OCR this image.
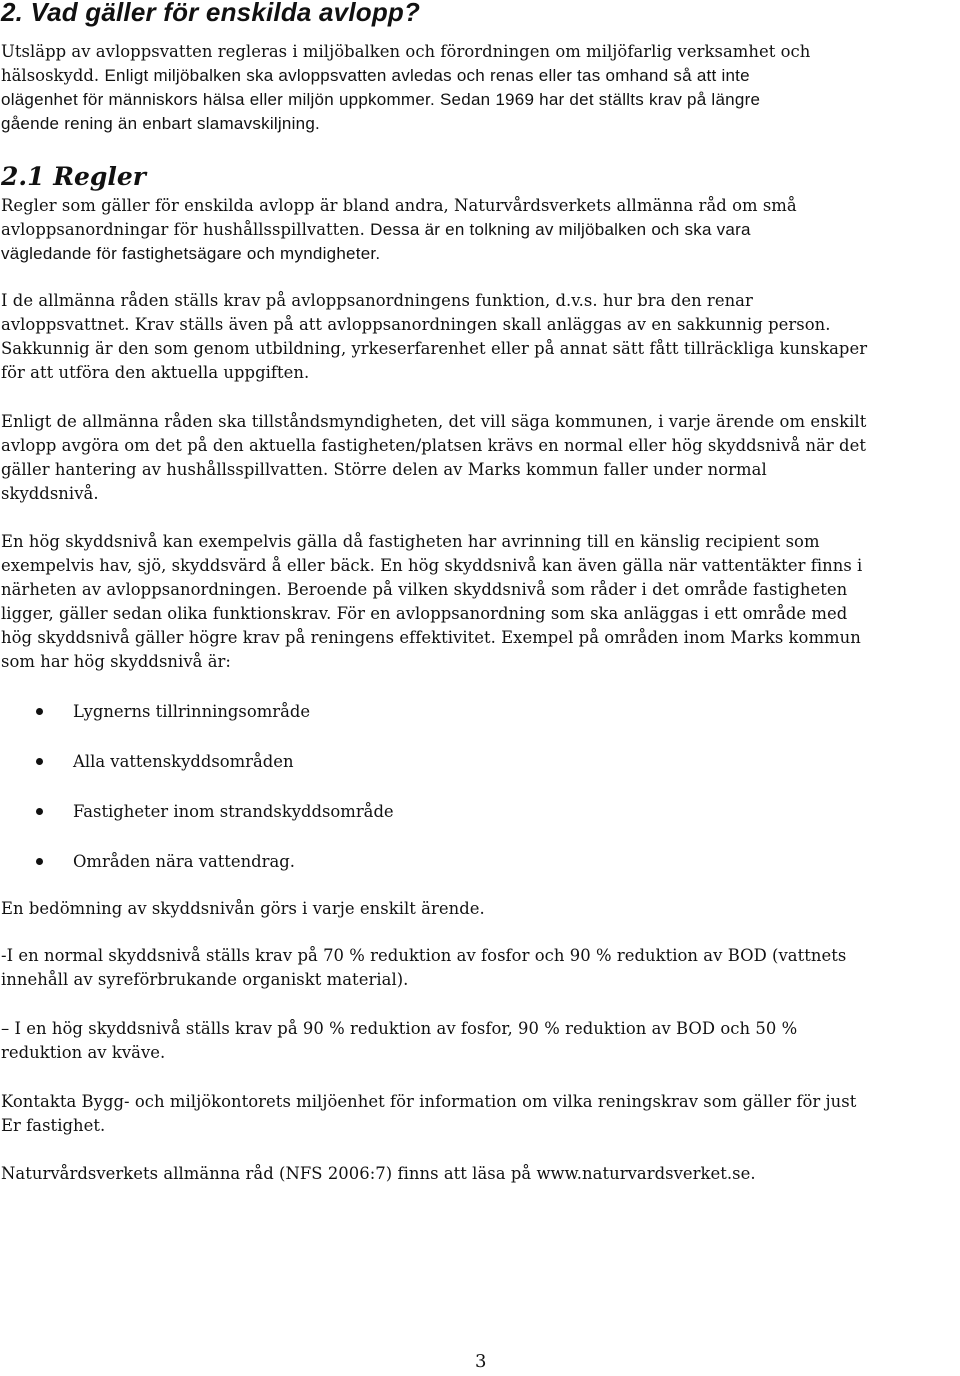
2. Vad gäller för enskilda avlopp?

Utsläpp av avloppsvatten regleras i miljöbalken och förordningen om miljöfarlig verksamhet och
hälsoskydd. Enligt miljöbalken ska avloppsvatten avledas och renas eller tas omhand så att inte
olägenhet för människors hälsa eller miljön uppkommer. Sedan 1969 har det ställts krav på längre
gående rening än enbart slamavskiljning.

2.1 Regler

Regler som gäller för enskilda avlopp är bland andra, Naturvårdsverkets allmänna råd om små
avloppsanordningar för hushållsspillvatten. Dessa är en tolkning av miljöbalken och ska vara
vägledande för fastighetsägare och myndigheter.

I de allmänna råden ställs krav på avloppsanordningens funktion, d.v.s. hur bra den renar
avloppsvattnet. Krav ställs även på att avloppsanordningen skall anläggas av en sakkunnig person.
Sakkunnig är den som genom utbildning, yrkeserfarenhet eller på annat sätt fått tillräckliga kunskaper
för att utföra den aktuella uppgiften.

Enligt de allmänna råden ska tillståndsmyndigheten, det vill säga kommunen, i varje ärende om enskilt
avlopp avgöra om det på den aktuella fastigheten/platsen krävs en normal eller hög skyddsnivå när det
gäller hantering av hushållsspillvatten. Större delen av Marks kommun faller under normal
skyddsnivå.

En hög skyddsnivå kan exempelvis gälla då fastigheten har avrinning till en känslig recipient som
exempelvis hav, sjö, skyddsvärd å eller bäck. En hög skyddsnivå kan även gälla när vattentäkter finns i
närheten av avloppsanordningen. Beroende på vilken skyddsnivå som råder i det område fastigheten
ligger, gäller sedan olika funktionskrav. För en avloppsanordning som ska anläggas i ett område med
hög skyddsnivå gäller högre krav på reningens effektivitet. Exempel på områden inom Marks kommun
som har hög skyddsnivå är:

Lygnerns tillrinningsområde
Alla vattenskyddsområden
Fastigheter inom strandskyddsområde
Områden nära vattendrag.

En bedömning av skyddsnivån görs i varje enskilt ärende.

-I en normal skyddsnivå ställs krav på 70 % reduktion av fosfor och 90 % reduktion av BOD (vattnets
innehåll av syreförbrukande organiskt material).

– I en hög skyddsnivå ställs krav på 90 % reduktion av fosfor, 90 % reduktion av BOD och 50 %
reduktion av kväve.

Kontakta Bygg- och miljökontorets miljöenhet för information om vilka reningskrav som gäller för just
Er fastighet.

Naturvårdsverkets allmänna råd (NFS 2006:7) finns att läsa på www.naturvardsverket.se.

3
